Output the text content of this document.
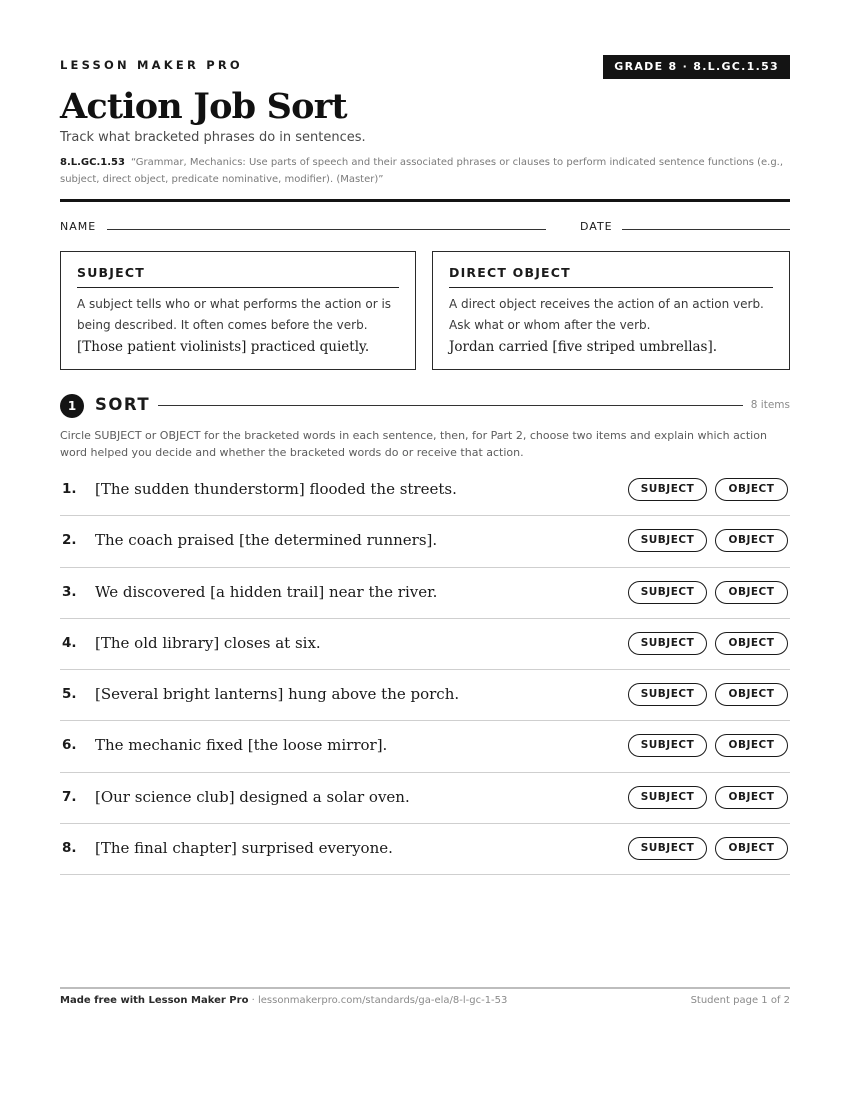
LESSON MAKER PRO	GRADE 8 · 8.L.GC.1.53
Action Job Sort
Track what bracketed phrases do in sentences.
8.L.GC.1.53 “Grammar, Mechanics: Use parts of speech and their associated phrases or clauses to perform indicated sentence functions (e.g., subject, direct object, predicate nominative, modifier). (Master)”
NAME	DATE
SUBJECT
A subject tells who or what performs the action or is being described. It often comes before the verb.
[Those patient violinists] practiced quietly.
DIRECT OBJECT
A direct object receives the action of an action verb. Ask what or whom after the verb.
Jordan carried [five striped umbrellas].
1	SORT	8 items
Circle SUBJECT or OBJECT for the bracketed words in each sentence, then, for Part 2, choose two items and explain which action word helped you decide and whether the bracketed words do or receive that action.
1. [The sudden thunderstorm] flooded the streets.	SUBJECT	OBJECT
2. The coach praised [the determined runners].	SUBJECT	OBJECT
3. We discovered [a hidden trail] near the river.	SUBJECT	OBJECT
4. [The old library] closes at six.	SUBJECT	OBJECT
5. [Several bright lanterns] hung above the porch.	SUBJECT	OBJECT
6. The mechanic fixed [the loose mirror].	SUBJECT	OBJECT
7. [Our science club] designed a solar oven.	SUBJECT	OBJECT
8. [The final chapter] surprised everyone.	SUBJECT	OBJECT
Made free with Lesson Maker Pro · lessonmakerpro.com/standards/ga-ela/8-l-gc-1-53	Student page 1 of 2
